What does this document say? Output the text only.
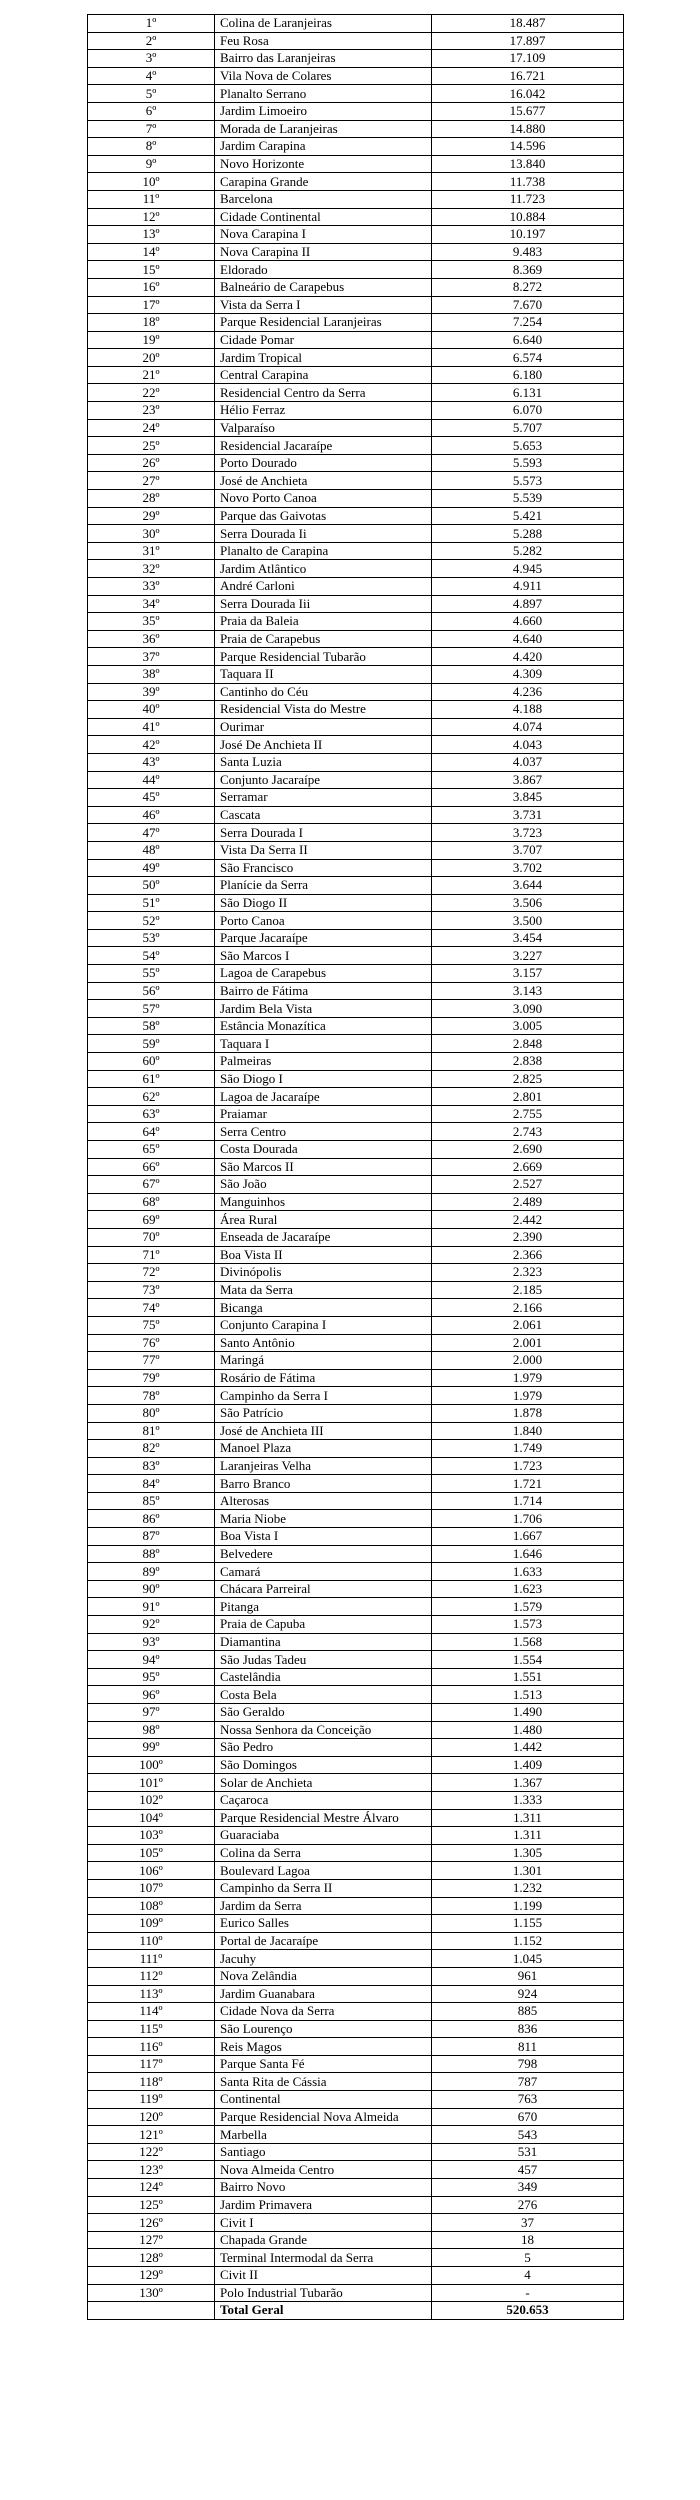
1º	Colina de Laranjeiras	18.487
2º	Feu Rosa	17.897
3º	Bairro das Laranjeiras	17.109
4º	Vila Nova de Colares	16.721
5º	Planalto Serrano	16.042
6º	Jardim Limoeiro	15.677
7º	Morada de Laranjeiras	14.880
8º	Jardim Carapina	14.596
9º	Novo Horizonte	13.840
10º	Carapina Grande	11.738
11º	Barcelona	11.723
12º	Cidade Continental	10.884
13º	Nova Carapina I	10.197
14º	Nova Carapina II	9.483
15º	Eldorado	8.369
16º	Balneário de Carapebus	8.272
17º	Vista da Serra I	7.670
18º	Parque Residencial Laranjeiras	7.254
19º	Cidade Pomar	6.640
20º	Jardim Tropical	6.574
21º	Central Carapina	6.180
22º	Residencial Centro da Serra	6.131
23º	Hélio Ferraz	6.070
24º	Valparaíso	5.707
25º	Residencial Jacaraípe	5.653
26º	Porto Dourado	5.593
27º	José de Anchieta	5.573
28º	Novo Porto Canoa	5.539
29º	Parque das Gaivotas	5.421
30º	Serra Dourada Ii	5.288
31º	Planalto de Carapina	5.282
32º	Jardim Atlântico	4.945
33º	André Carloni	4.911
34º	Serra Dourada Iii	4.897
35º	Praia da Baleia	4.660
36º	Praia de Carapebus	4.640
37º	Parque Residencial Tubarão	4.420
38º	Taquara II	4.309
39º	Cantinho do Céu	4.236
40º	Residencial Vista do Mestre	4.188
41º	Ourimar	4.074
42º	José De Anchieta II	4.043
43º	Santa Luzia	4.037
44º	Conjunto Jacaraípe	3.867
45º	Serramar	3.845
46º	Cascata	3.731
47º	Serra Dourada I	3.723
48º	Vista Da Serra II	3.707
49º	São Francisco	3.702
50º	Planície da Serra	3.644
51º	São Diogo II	3.506
52º	Porto Canoa	3.500
53º	Parque Jacaraípe	3.454
54º	São Marcos I	3.227
55º	Lagoa de Carapebus	3.157
56º	Bairro de Fátima	3.143
57º	Jardim Bela Vista	3.090
58º	Estância Monazítica	3.005
59º	Taquara I	2.848
60º	Palmeiras	2.838
61º	São Diogo I	2.825
62º	Lagoa de Jacaraípe	2.801
63º	Praiamar	2.755
64º	Serra Centro	2.743
65º	Costa Dourada	2.690
66º	São Marcos II	2.669
67º	São João	2.527
68º	Manguinhos	2.489
69º	Área Rural	2.442
70º	Enseada de Jacaraípe	2.390
71º	Boa Vista II	2.366
72º	Divinópolis	2.323
73º	Mata da Serra	2.185
74º	Bicanga	2.166
75º	Conjunto Carapina I	2.061
76º	Santo Antônio	2.001
77º	Maringá	2.000
79º	Rosário de Fátima	1.979
78º	Campinho da Serra I	1.979
80º	São Patrício	1.878
81º	José de Anchieta III	1.840
82º	Manoel Plaza	1.749
83º	Laranjeiras Velha	1.723
84º	Barro Branco	1.721
85º	Alterosas	1.714
86º	Maria Niobe	1.706
87º	Boa Vista I	1.667
88º	Belvedere	1.646
89º	Camará	1.633
90º	Chácara Parreiral	1.623
91º	Pitanga	1.579
92º	Praia de Capuba	1.573
93º	Diamantina	1.568
94º	São Judas Tadeu	1.554
95º	Castelândia	1.551
96º	Costa Bela	1.513
97º	São Geraldo	1.490
98º	Nossa Senhora da Conceição	1.480
99º	São Pedro	1.442
100º	São Domingos	1.409
101º	Solar de Anchieta	1.367
102º	Caçaroca	1.333
104º	Parque Residencial Mestre Álvaro	1.311
103º	Guaraciaba	1.311
105º	Colina da Serra	1.305
106º	Boulevard Lagoa	1.301
107º	Campinho da Serra II	1.232
108º	Jardim da Serra	1.199
109º	Eurico Salles	1.155
110º	Portal de Jacaraípe	1.152
111º	Jacuhy	1.045
112º	Nova Zelândia	961
113º	Jardim Guanabara	924
114º	Cidade Nova da Serra	885
115º	São Lourenço	836
116º	Reis Magos	811
117º	Parque Santa Fé	798
118º	Santa Rita de Cássia	787
119º	Continental	763
120º	Parque Residencial Nova Almeida	670
121º	Marbella	543
122º	Santiago	531
123º	Nova Almeida Centro	457
124º	Bairro Novo	349
125º	Jardim Primavera	276
126º	Civit I	37
127º	Chapada Grande	18
128º	Terminal Intermodal da Serra	5
129º	Civit II	4
130º	Polo Industrial Tubarão	-
	Total Geral	520.653
